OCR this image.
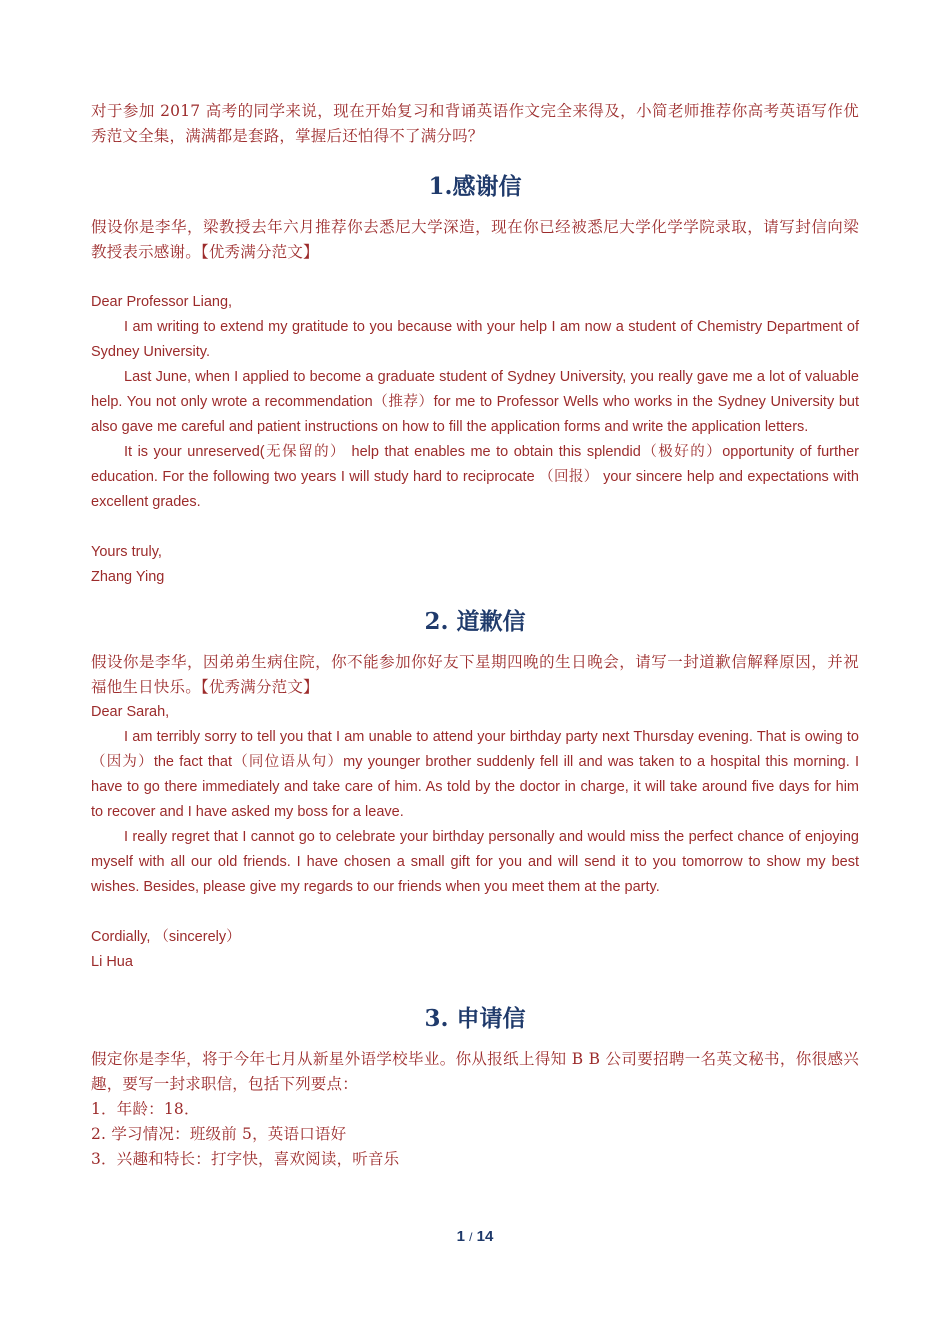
对于参加 2017 高考的同学来说，现在开始复习和背诵英语作文完全来得及，小简老师推荐你高考英语写作优秀范文全集，满满都是套路，掌握后还怕得不了满分吗？

1.感谢信

假设你是李华，梁教授去年六月推荐你去悉尼大学深造，现在你已经被悉尼大学化学学院录取，请写封信向梁教授表示感谢。【优秀满分范文】

Dear Professor Liang,

I am writing to extend my gratitude to you because with your help I am now a student of Chemistry Department of Sydney University.

Last June, when I applied to become a graduate student of Sydney University, you really gave me a lot of valuable help. You not only wrote a recommendation（推荐）for me to Professor Wells who works in the Sydney University but also gave me careful and patient instructions on how to fill the application forms and write the application letters.

It is your unreserved(无保留的） help that enables me to obtain this splendid（极好的）opportunity of further education. For the following two years I will study hard to reciprocate （回报） your sincere help and expectations with excellent grades.

Yours truly,

Zhang Ying

2. 道歉信

假设你是李华，因弟弟生病住院，你不能参加你好友下星期四晚的生日晚会，请写一封道歉信解释原因，并祝福他生日快乐。【优秀满分范文】

Dear Sarah,

I am terribly sorry to tell you that I am unable to attend your birthday party next Thursday evening. That is owing to（因为）the fact that（同位语从句）my younger brother suddenly fell ill and was taken to a hospital this morning. I have to go there immediately and take care of him. As told by the doctor in charge, it will take around five days for him to recover and I have asked my boss for a leave.

I really regret that I cannot go to celebrate your birthday personally and would miss the perfect chance of enjoying myself with all our old friends. I have chosen a small gift for you and will send it to you tomorrow to show my best wishes. Besides, please give my regards to our friends when you meet them at the party.

Cordially, （sincerely）

Li Hua

3. 申请信

假定你是李华，将于今年七月从新星外语学校毕业。你从报纸上得知 B B 公司要招聘一名英文秘书，你很感兴趣，要写一封求职信，包括下列要点：

1．年龄：18．

2. 学习情况：班级前 5，英语口语好

3．兴趣和特长：打字快，喜欢阅读，听音乐

1 / 14
